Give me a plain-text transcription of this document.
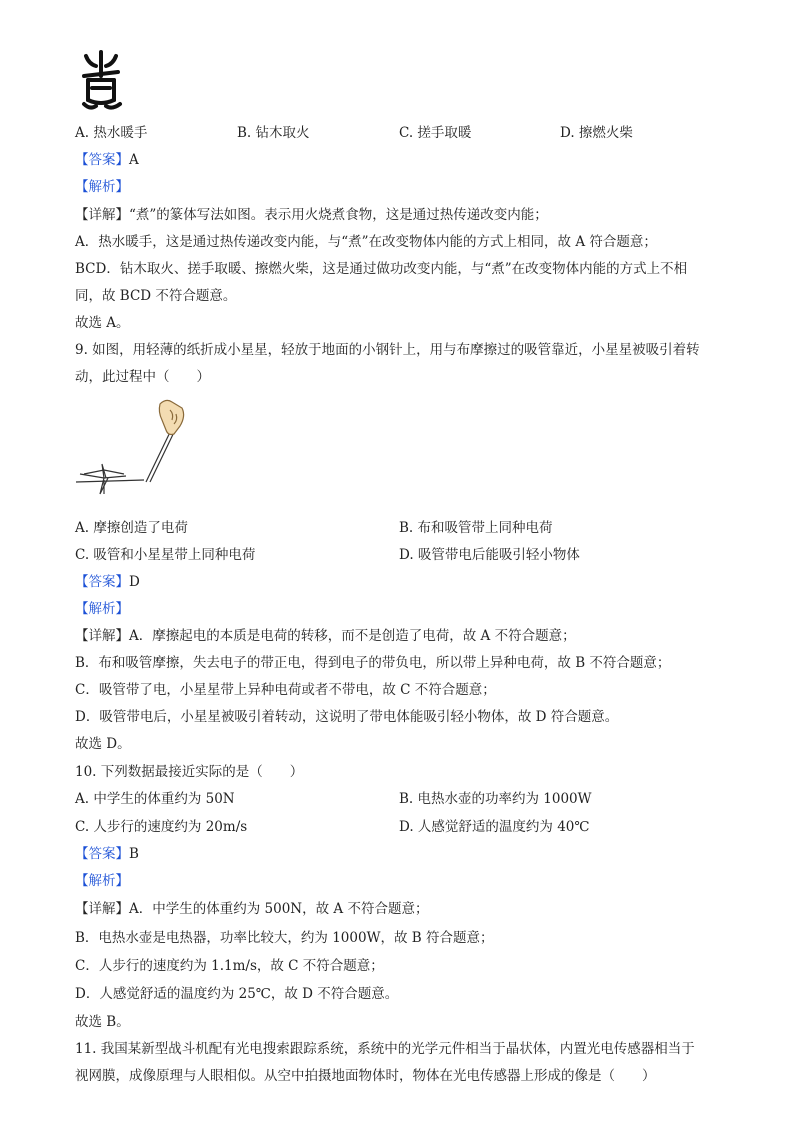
A. 热水暖手	B. 钻木取火	C. 搓手取暖	D. 擦燃火柴
【答案】A
【解析】
【详解】“煮”的篆体写法如图。表示用火烧煮食物，这是通过热传递改变内能；
A．热水暖手，这是通过热传递改变内能，与“煮”在改变物体内能的方式上相同，故 A 符合题意；
BCD．钻木取火、搓手取暖、擦燃火柴，这是通过做功改变内能，与“煮”在改变物体内能的方式上不相
同，故 BCD 不符合题意。
故选 A。
9. 如图，用轻薄的纸折成小星星，轻放于地面的小钢针上，用与布摩擦过的吸管靠近，小星星被吸引着转
动，此过程中（　　）
A. 摩擦创造了电荷	B. 布和吸管带上同种电荷
C. 吸管和小星星带上同种电荷	D. 吸管带电后能吸引轻小物体
【答案】D
【解析】
【详解】A．摩擦起电的本质是电荷的转移，而不是创造了电荷，故 A 不符合题意；
B．布和吸管摩擦，失去电子的带正电，得到电子的带负电，所以带上异种电荷，故 B 不符合题意；
C．吸管带了电，小星星带上异种电荷或者不带电，故 C 不符合题意；
D．吸管带电后，小星星被吸引着转动，这说明了带电体能吸引轻小物体，故 D 符合题意。
故选 D。
10. 下列数据最接近实际的是（　　）
A. 中学生的体重约为 50N	B. 电热水壶的功率约为 1000W
C. 人步行的速度约为 20m/s	D. 人感觉舒适的温度约为 40℃
【答案】B
【解析】
【详解】A．中学生的体重约为 500N，故 A 不符合题意；
B．电热水壶是电热器，功率比较大，约为 1000W，故 B 符合题意；
C．人步行的速度约为 1.1m/s，故 C 不符合题意；
D．人感觉舒适的温度约为 25℃，故 D 不符合题意。
故选 B。
11. 我国某新型战斗机配有光电搜索跟踪系统，系统中的光学元件相当于晶状体，内置光电传感器相当于
视网膜，成像原理与人眼相似。从空中拍摄地面物体时，物体在光电传感器上形成的像是（　　）
